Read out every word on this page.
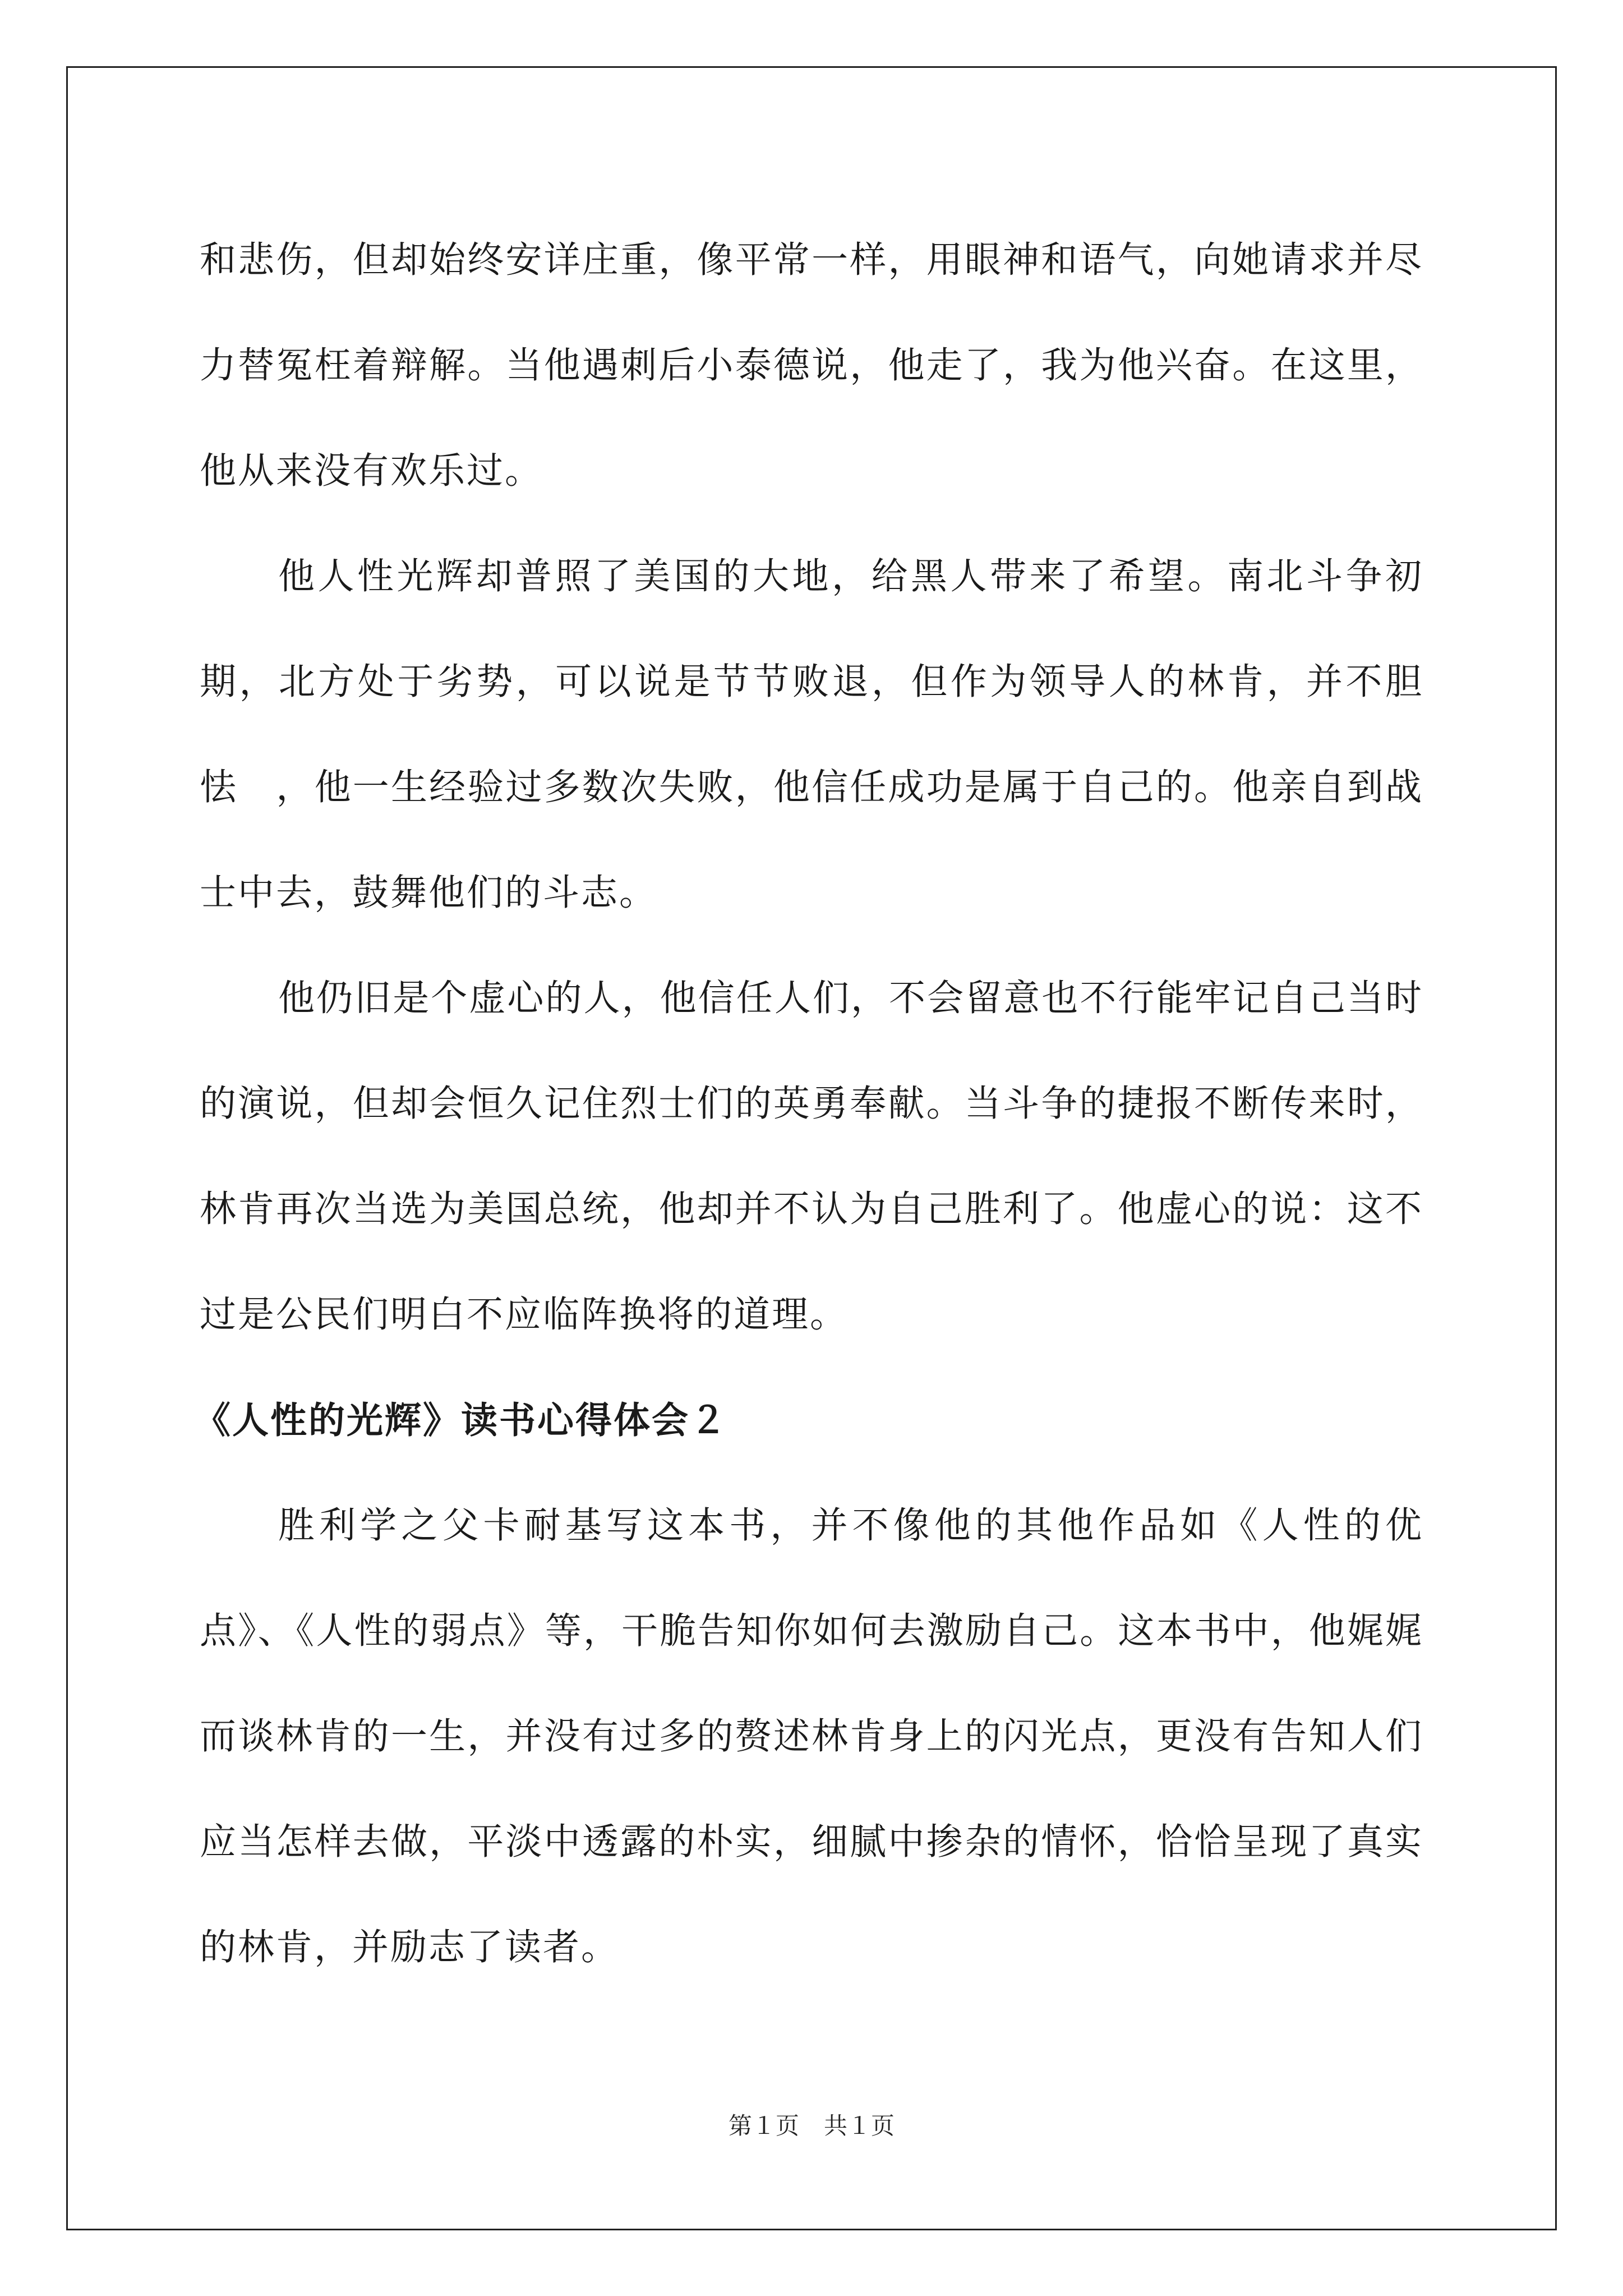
和悲伤，但却始终安详庄重，像平常一样，用眼神和语气，向她请求并尽力替冤枉着辩解。当他遇刺后小泰德说，他走了，我为他兴奋。在这里，他从来没有欢乐过。

他人性光辉却普照了美国的大地，给黑人带来了希望。南北斗争初期，北方处于劣势，可以说是节节败退，但作为领导人的林肯，并不胆怯　，他一生经验过多数次失败，他信任成功是属于自己的。他亲自到战士中去，鼓舞他们的斗志。

他仍旧是个虚心的人，他信任人们，不会留意也不行能牢记自己当时的演说，但却会恒久记住烈士们的英勇奉献。当斗争的捷报不断传来时，林肯再次当选为美国总统，他却并不认为自己胜利了。他虚心的说：这不过是公民们明白不应临阵换将的道理。

《人性的光辉》读书心得体会２

胜利学之父卡耐基写这本书，并不像他的其他作品如《人性的优点》、《人性的弱点》等，干脆告知你如何去激励自己。这本书中，他娓娓而谈林肯的一生，并没有过多的赘述林肯身上的闪光点，更没有告知人们应当怎样去做，平淡中透露的朴实，细腻中掺杂的情怀，恰恰呈现了真实的林肯，并励志了读者。

第１页 共１页
